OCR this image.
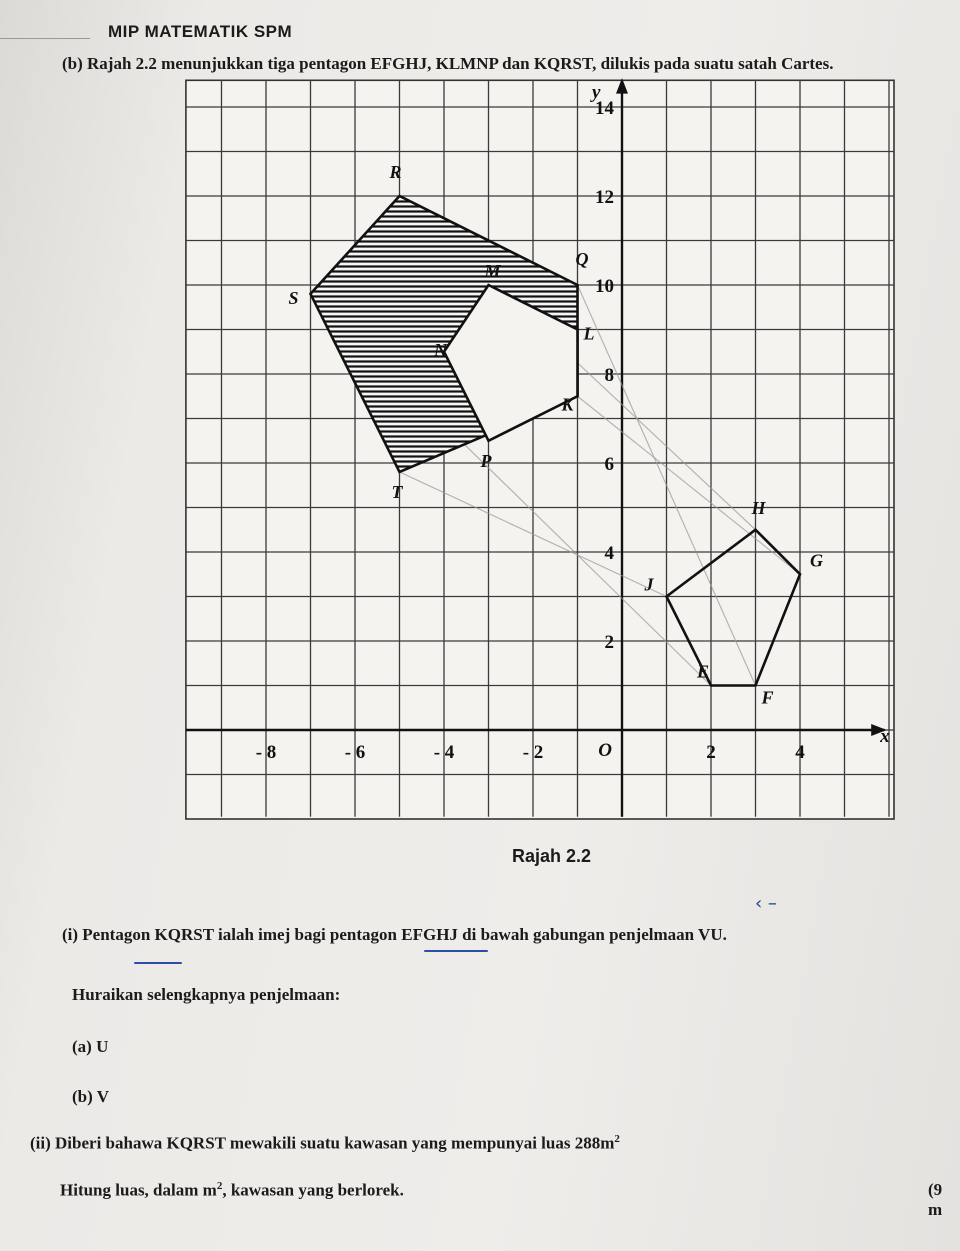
MIP MATEMATIK SPM
(b) Rajah 2.2 menunjukkan tiga pentagon EFGHJ, KLMNP dan KQRST, dilukis pada suatu satah Cartes.
- 8	- 6	- 4	- 2	2	4
14
12
10
8
6
4
2
O
x
y
E
F
G
H
J
K
L
M
N
P
Q
R
S
T
Rajah 2.2
‹ –
(i) Pentagon KQRST ialah imej bagi pentagon EFGHJ di bawah gabungan penjelmaan VU.
Huraikan selengkapnya penjelmaan:
(a) U
(b) V
(ii) Diberi bahawa KQRST mewakili suatu kawasan yang mempunyai luas $288m^2$
Hitung luas, dalam $m^2$, kawasan yang berlorek.	(9 m
